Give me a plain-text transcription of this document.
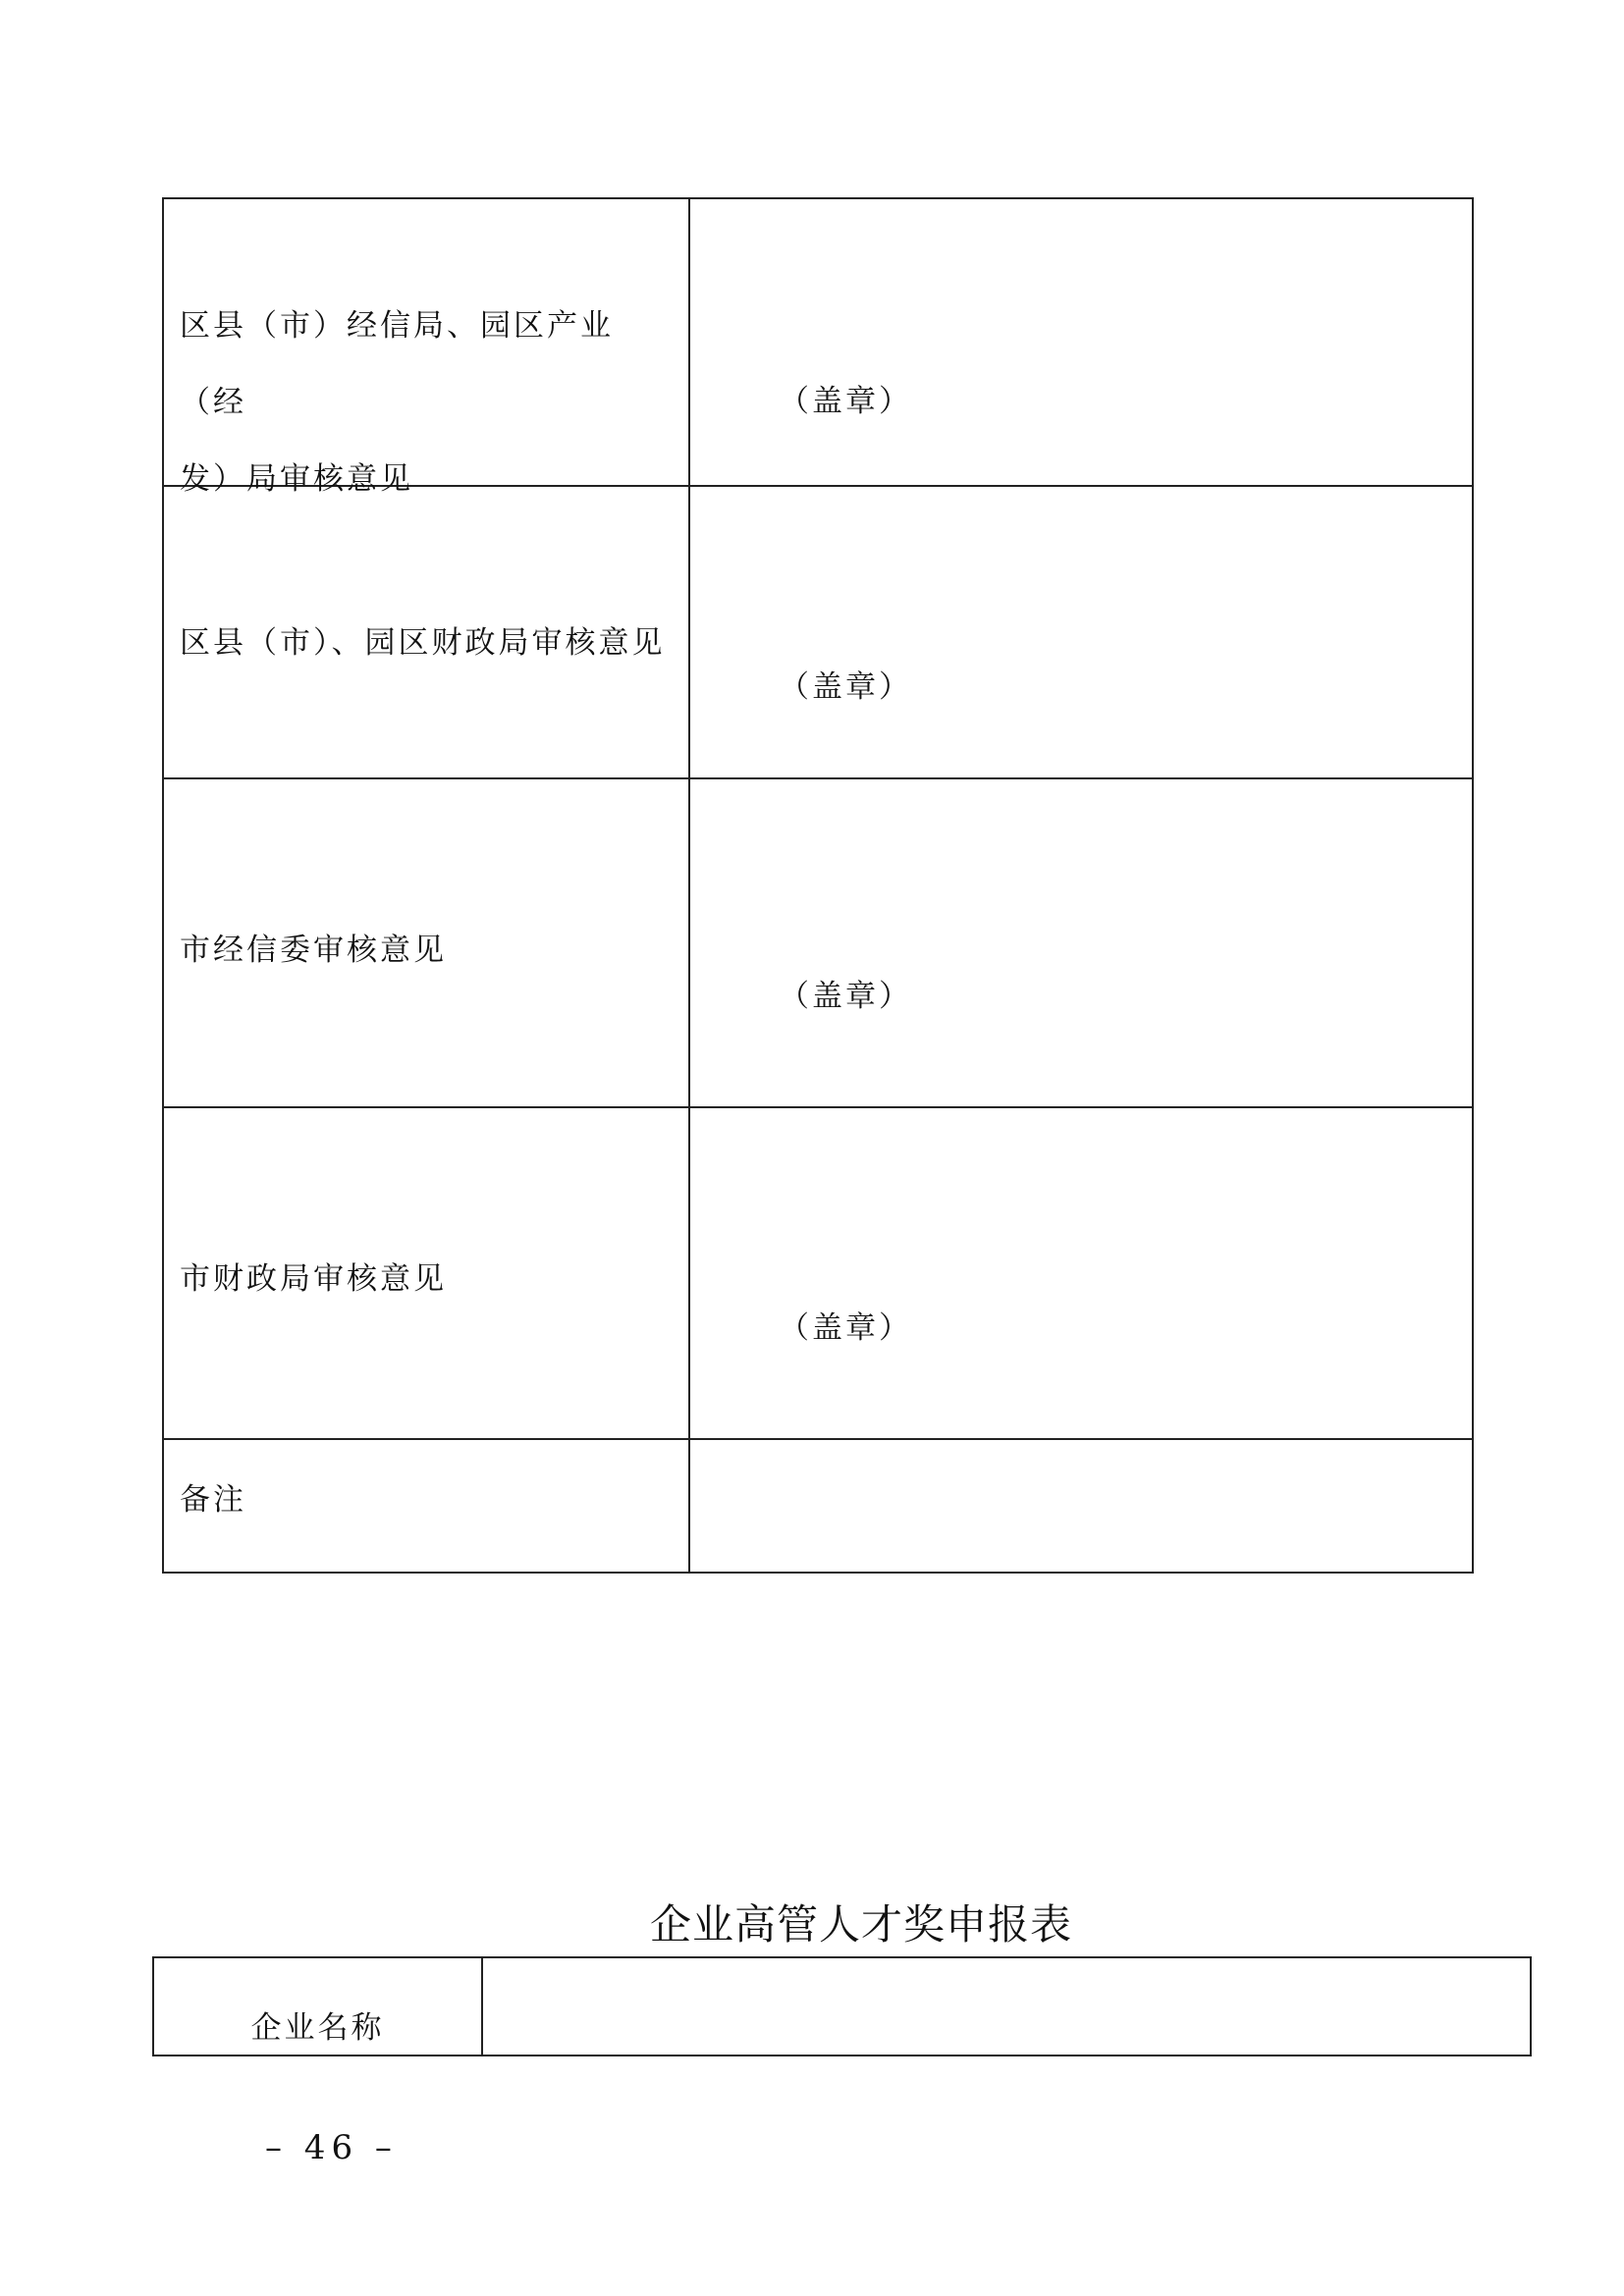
区县（市）经信局、园区产业（经
发）局审核意见	（盖章）

区县（市）、园区财政局审核意见	（盖章）

市经信委审核意见	（盖章）

市财政局审核意见	（盖章）

备注	

企业高管人才奖申报表
企业名称	
– 46 –
